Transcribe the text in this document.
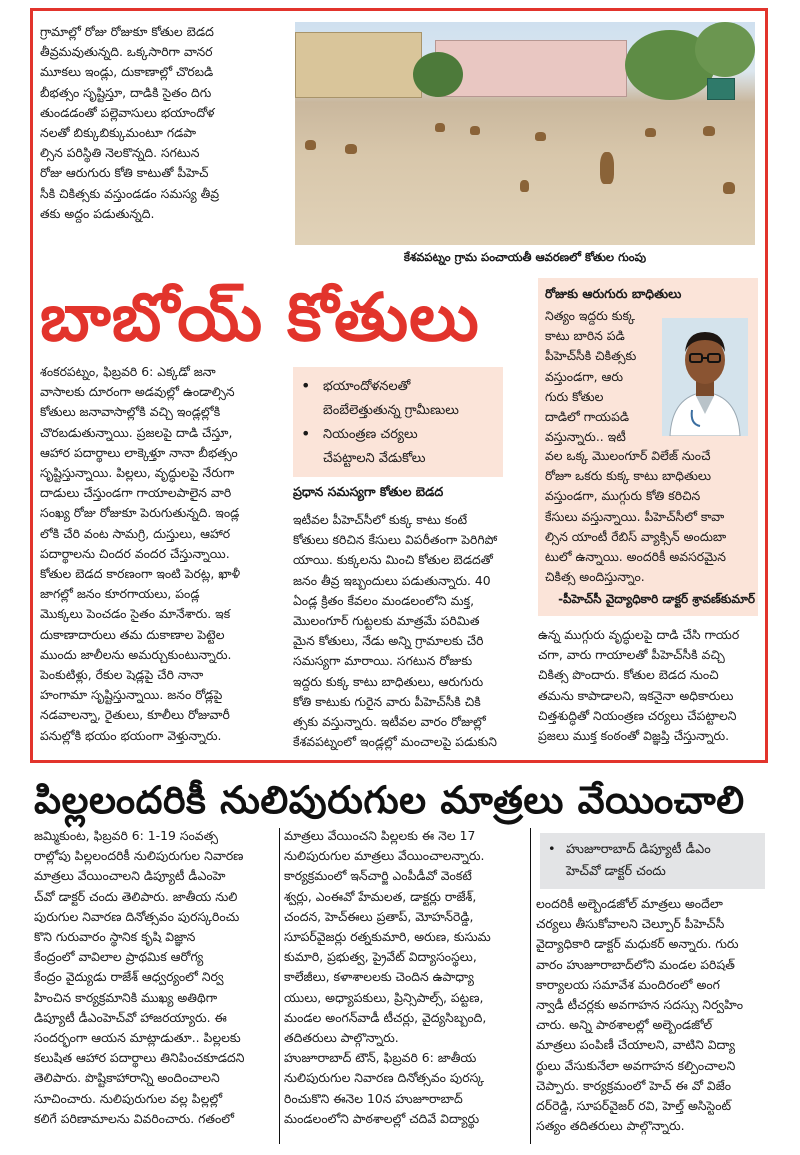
గ్రామాల్లో రోజు రోజుకూ కోతుల బెడద
తీవ్రమవుతున్నది. ఒక్కసారిగా వానర
మూకలు ఇండ్లు, దుకాణాల్లో చొరబడి
బీభత్సం సృష్టిస్తూ, దాడికి సైతం దిగు
తుండడంతో పల్లెవాసులు భయాందోళ
నలతో బిక్కుబిక్కుమంటూ గడపా
ల్సిన పరిస్థితి నెలకొన్నది. సగటున
రోజు ఆరుగురు కోతి కాటుతో పీహెచ్
సీకి చికిత్సకు వస్తుండడం సమస్య తీవ్ర
తకు అద్దం పడుతున్నది.

కేశవపట్నం గ్రామ పంచాయతీ ఆవరణలో కోతుల గుంపు
బాబోయ్ కోతులు

శంకరపట్నం, ఫిబ్రవరి 6: ఎక్కడో జనా
వాసాలకు దూరంగా అడవుల్లో ఉండాల్సిన
కోతులు జనావాసాల్లోకి వచ్చి ఇండ్లల్లోకి
చొరబడుతున్నాయి. ప్రజలపై దాడి చేస్తూ,
ఆహార పదార్థాలు లాక్కెళ్తూ నానా బీభత్సం
సృష్టిస్తున్నాయి. పిల్లలు, వృద్ధులపై నేరుగా
దాడులు చేస్తుండగా గాయాలపాలైన వారి
సంఖ్య రోజు రోజుకూ పెరుగుతున్నది. ఇండ్ల
లోకి చేరి వంట సామగ్రి, దుస్తులు, ఆహార
పదార్థాలను చిందర వందర చేస్తున్నాయి.
కోతుల బెడద కారణంగా ఇంటి పెరట్ల, ఖాళీ
జాగల్లో జనం కూరగాయలు, పండ్ల
మొక్కలు పెంచడం సైతం మానేశారు. ఇక
దుకాణాదారులు తమ దుకాణాల పెట్టెల
ముందు జాలీలను అమర్చుకుంటున్నారు.
పెంకుటిళ్లు, రేకుల షెడ్లపై చేరి నానా
హంగామా సృష్టిస్తున్నాయి. జనం రోడ్లపై
నడవాలన్నా, రైతులు, కూలీలు రోజువారీ
పనుల్లోకి భయం భయంగా వెళ్తున్నారు.

• భయాందోళనలతో
బెంబేలెత్తుతున్న గ్రామీణులు
• నియంత్రణ చర్యలు
చేపట్టాలని వేడుకోలు
ప్రధాన సమస్యగా కోతుల బెడద

ఇటీవల పీహెచ్‌సీలో కుక్క కాటు కంటే
కోతులు కరిచిన కేసులు విపరీతంగా పెరిగిపో
యాయి. కుక్కలను మించి కోతుల బెడదతో
జనం తీవ్ర ఇబ్బందులు పడుతున్నారు. 40
ఏండ్ల క్రితం కేవలం మండలంలోని మక్త,
మొలంగూర్ గుట్టలకు మాత్రమే పరిమిత
మైన కోతులు, నేడు అన్ని గ్రామాలకు చేరి
సమస్యగా మారాయి. సగటున రోజుకు
ఇద్దరు కుక్క కాటు బాధితులు, ఆరుగురు
కోతి కాటుకు గురైన వారు పీహెచ్‌సీకి చికి
త్సకు వస్తున్నారు. ఇటీవల వారం రోజుల్లో
కేశవపట్నంలో ఇండ్లల్లో మంచాలపై పడుకుని

రోజుకు ఆరుగురు బాధితులు

నిత్యం ఇద్దరు కుక్క
కాటు బారిన పడి
పీహెచ్‌సీకి చికిత్సకు
వస్తుండగా, ఆరు
గురు కోతుల
దాడిలో గాయపడి
వస్తున్నారు.. ఇటీ

వల ఒక్క మొలంగూర్ విలేజ్ నుంచే
రోజూ ఒకరు కుక్క కాటు బాధితులు
వస్తుండగా, ముగ్గురు కోతి కరిచిన
కేసులు వస్తున్నాయి. పీహెచ్‌సీలో కావా
ల్సిన యాంటీ రేబిస్ వ్యాక్సిన్ అందుబా
టులో ఉన్నాయి. అందరికీ అవసరమైన
చికిత్స అందిస్తున్నాం.

-పీహెచ్‌సీ వైద్యాధికారి డాక్టర్ శ్రావణ్‌కుమార్

ఉన్న ముగ్గురు వృద్ధులపై దాడి చేసి గాయర
చగా, వారు గాయాలతో పీహెచ్‌సీకి వచ్చి
చికిత్స పొందారు. కోతుల బెడద నుంచి
తమను కాపాడాలని, ఇకనైనా అధికారులు
చిత్తశుద్ధితో నియంత్రణ చర్యలు చేపట్టాలని
ప్రజలు ముక్త కంఠంతో విజ్ఞప్తి చేస్తున్నారు.

పిల్లలందరికీ నులిపురుగుల మాత్రలు వేయించాలి

జమ్మికుంట, ఫిబ్రవరి 6: 1-19 సంవత్స
రాల్లోపు పిల్లలందరికీ నులిపురుగుల నివారణ
మాత్రలు వేయించాలని డిప్యూటీ డీఎంహె
చ్‌వో డాక్టర్ చందు తెలిపారు. జాతీయ నులి
పురుగుల నివారణ దినోత్సవం పురస్కరించు
కొని గురువారం స్థానిక కృషి విజ్ఞాన
కేంద్రంలో వావిలాల ప్రాథమిక ఆరోగ్య
కేంద్రం వైద్యుడు రాజేశ్ ఆధ్వర్యంలో నిర్వ
హించిన కార్యక్రమానికి ముఖ్య అతిథిగా
డిప్యూటీ డీఎంహెచ్‌వో హాజరయ్యారు. ఈ
సందర్భంగా ఆయన మాట్లాడుతూ.. పిల్లలకు
కలుషిత ఆహార పదార్థాలు తినిపించకూడదని
తెలిపారు. పొష్టికాహారాన్ని అందించాలని
సూచించారు. నులిపురుగుల వల్ల పిల్లల్లో
కలిగే పరిణామాలను వివరించారు. గతంలో

మాత్రలు వేయించని పిల్లలకు ఈ నెల 17
నులిపురుగుల మాత్రలు వేయించాలన్నారు.
కార్యక్రమంలో ఇన్‌చార్జి ఎంపీడీవో వెంకటే
శ్వర్లు, ఎంఈవో హేమలత, డాక్టర్లు రాజేశ్,
చందన, హెచ్‌ఈలు ప్రతాప్, మోహన్‌రెడ్డి,
సూపర్‌వైజర్లు రత్నకుమారి, అరుణ, కుసుమ
కుమారి, ప్రభుత్వ, ప్రైవేట్ విద్యాసంస్థలు,
కాలేజీలు, కళాశాలలకు చెందిన ఉపాధ్యా
యులు, అధ్యాపకులు, ప్రిన్సిపాల్స్, పట్టణ,
మండల అంగన్‌వాడీ టీచర్లు, వైద్యసిబ్బంది,
తదితరులు పాల్గొన్నారు.
హుజూరాబాద్ టౌన్, ఫిబ్రవరి 6: జాతీయ
నులిపురుగుల నివారణ దినోత్సవం పురస్క
రించుకొని ఈనెల 10న హుజూరాబాద్
మండలంలోని పాఠశాలల్లో చదివే విద్యార్థు

• హుజూరాబాద్ డిప్యూటీ డీఎం
హెచ్‌వో డాక్టర్ చందు

లందరికీ అల్బెండజోల్ మాత్రలు అందేలా
చర్యలు తీసుకోవాలని చెల్పూర్ పీహెచ్‌సీ
వైద్యాధికారి డాక్టర్ మధుకర్ అన్నారు. గురు
వారం హుజూరాబాద్‌లోని మండల పరిషత్
కార్యాలయ సమావేశ మందిరంలో అంగ
న్వాడీ టీచర్లకు అవగాహన సదస్సు నిర్వహిం
చారు. అన్ని పాఠశాలల్లో అల్బెండజోల్
మాత్రలు పంపిణీ చేయాలని, వాటిని విద్యా
ర్థులు వేసుకునేలా అవగాహన కల్పించాలని
చెప్పారు. కార్యక్రమంలో హెచ్ ఈ వో విజేం
దర్‌రెడ్డి, సూపర్‌వైజర్ రవి, హెల్త్ అసిస్టెంట్
సత్యం తదితరులు పాల్గొన్నారు.
